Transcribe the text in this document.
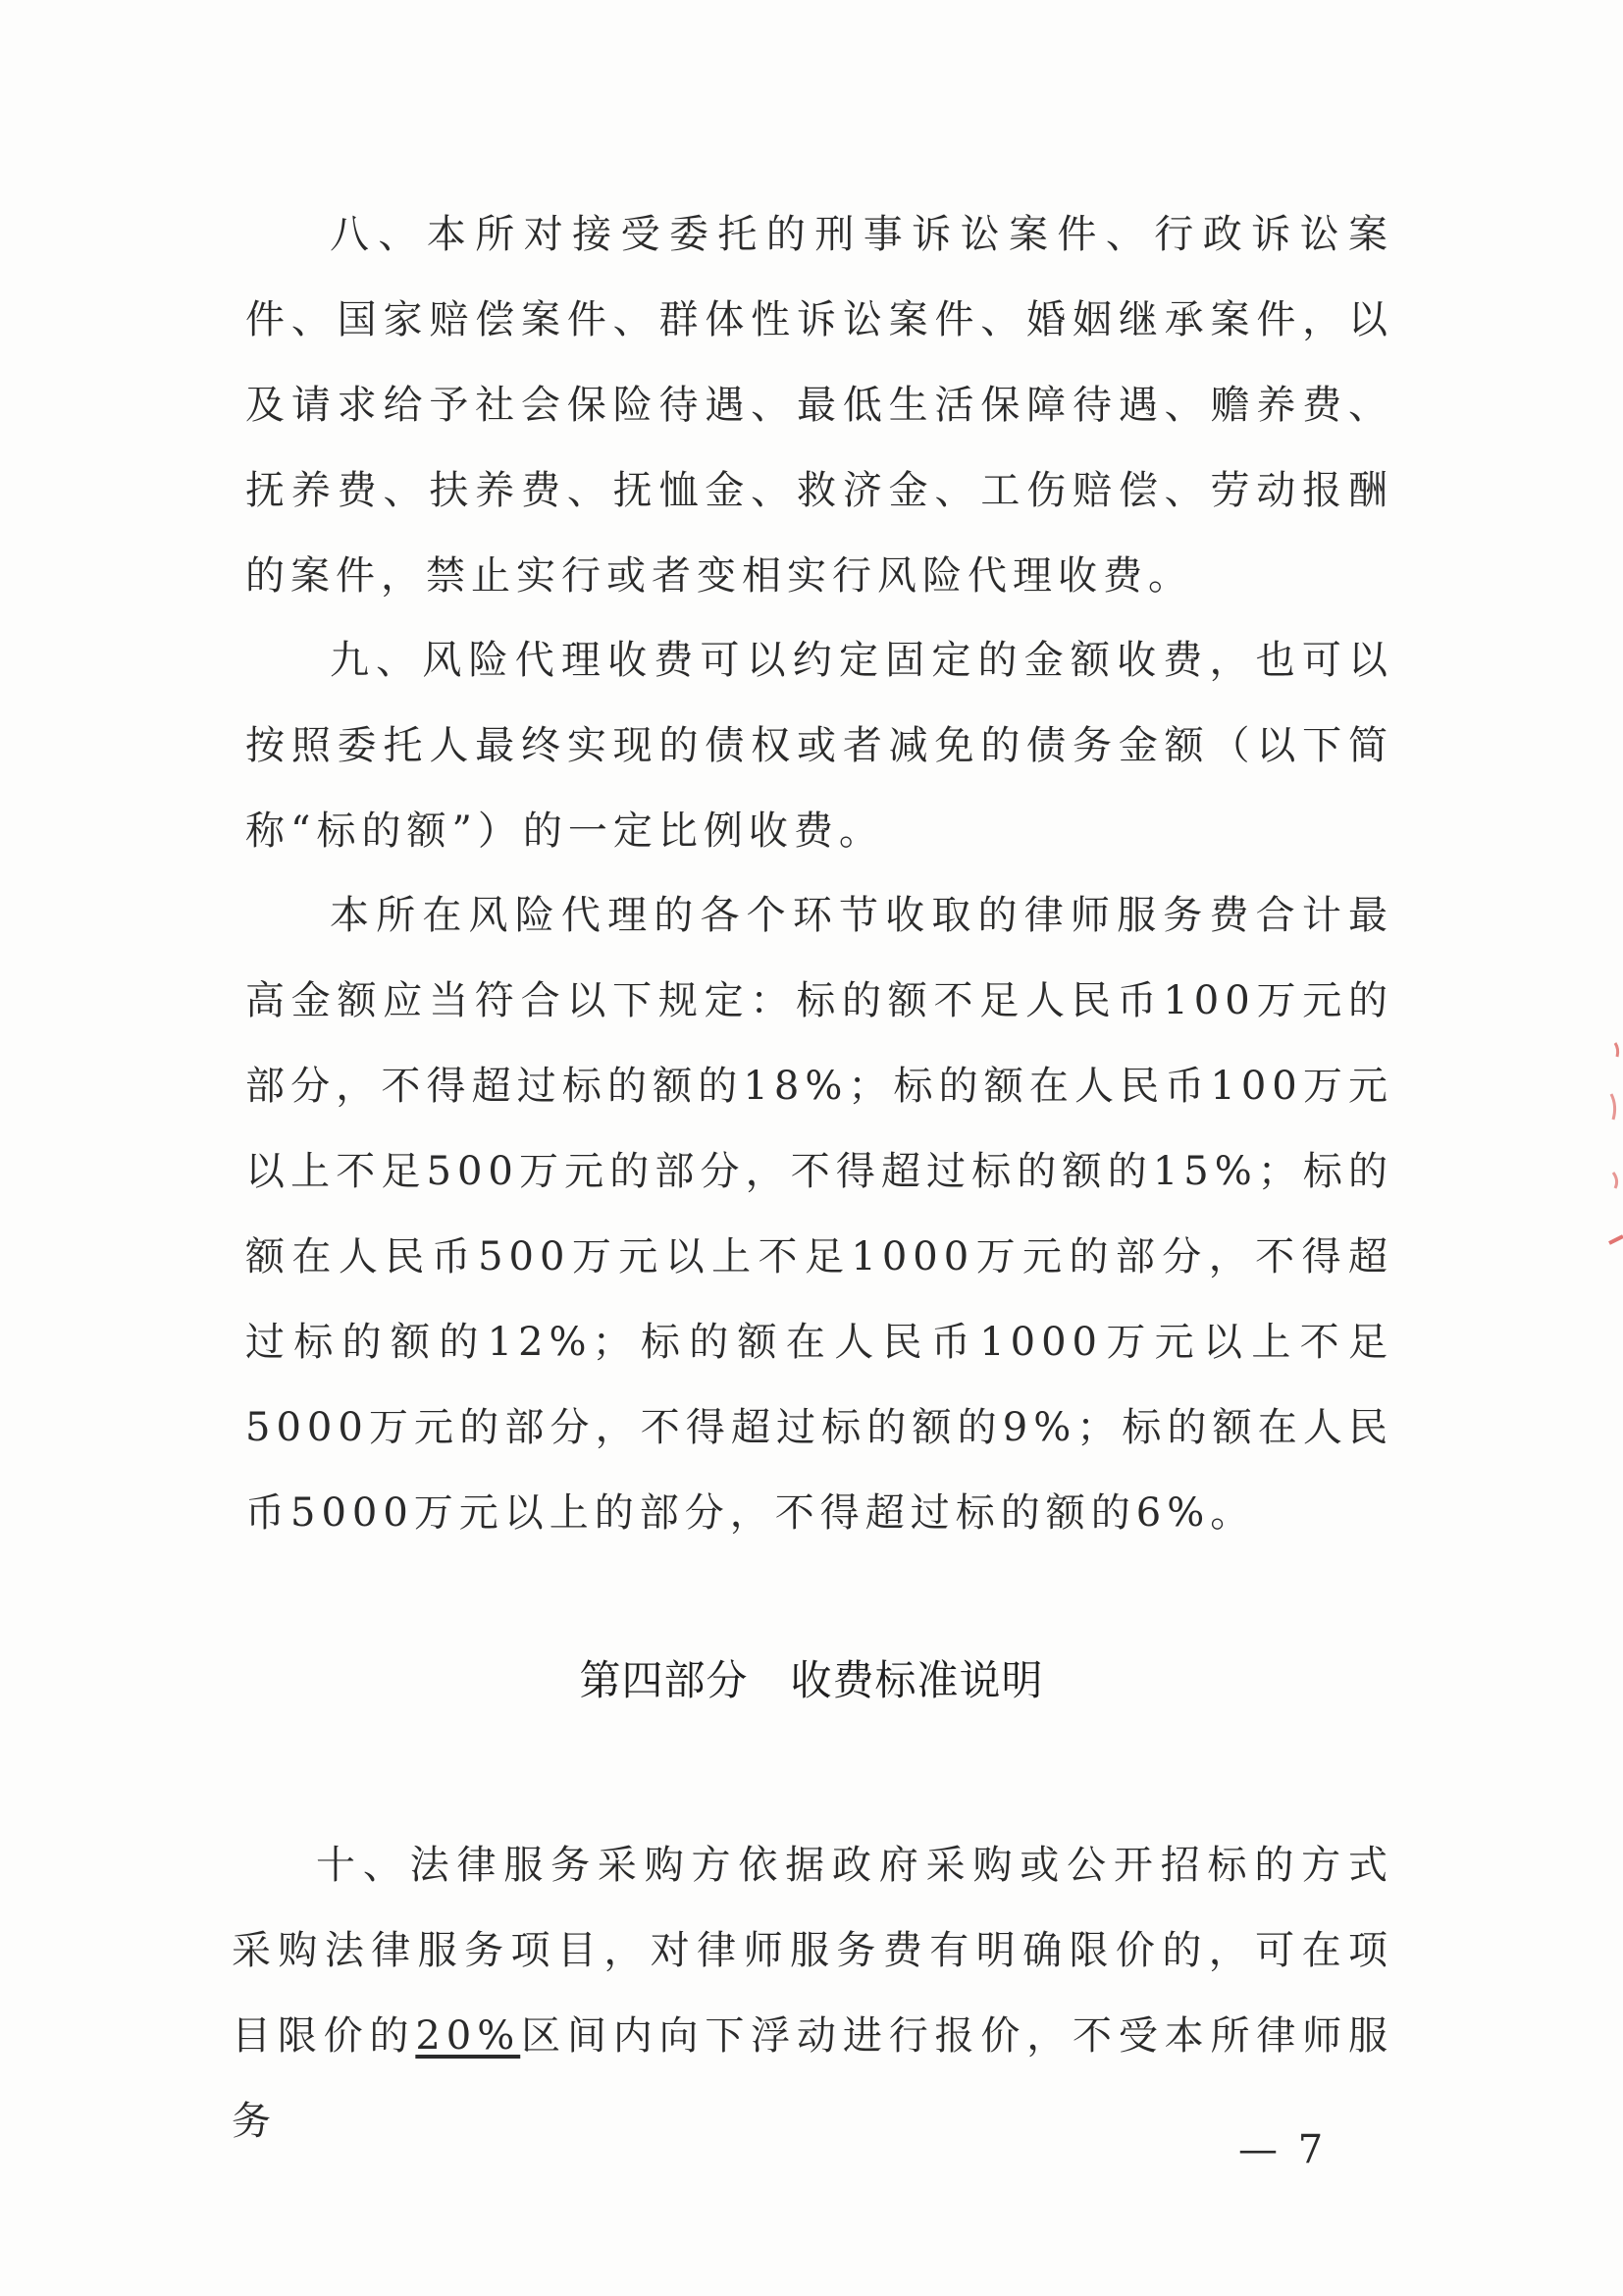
八、本所对接受委托的刑事诉讼案件、行政诉讼案件、国家赔偿案件、群体性诉讼案件、婚姻继承案件，以及请求给予社会保险待遇、最低生活保障待遇、赡养费、抚养费、扶养费、抚恤金、救济金、工伤赔偿、劳动报酬的案件，禁止实行或者变相实行风险代理收费。

九、风险代理收费可以约定固定的金额收费，也可以按照委托人最终实现的债权或者减免的债务金额（以下简称“标的额”）的一定比例收费。

本所在风险代理的各个环节收取的律师服务费合计最高金额应当符合以下规定：标的额不足人民币100万元的部分，不得超过标的额的18%；标的额在人民币100万元以上不足500万元的部分，不得超过标的额的15%；标的额在人民币500万元以上不足1000万元的部分，不得超过标的额的12%；标的额在人民币1000万元以上不足5000万元的部分，不得超过标的额的9%；标的额在人民币5000万元以上的部分，不得超过标的额的6%。

第四部分　收费标准说明

十、法律服务采购方依据政府采购或公开招标的方式采购法律服务项目，对律师服务费有明确限价的，可在项目限价的20%区间内向下浮动进行报价，不受本所律师服务

— 7
